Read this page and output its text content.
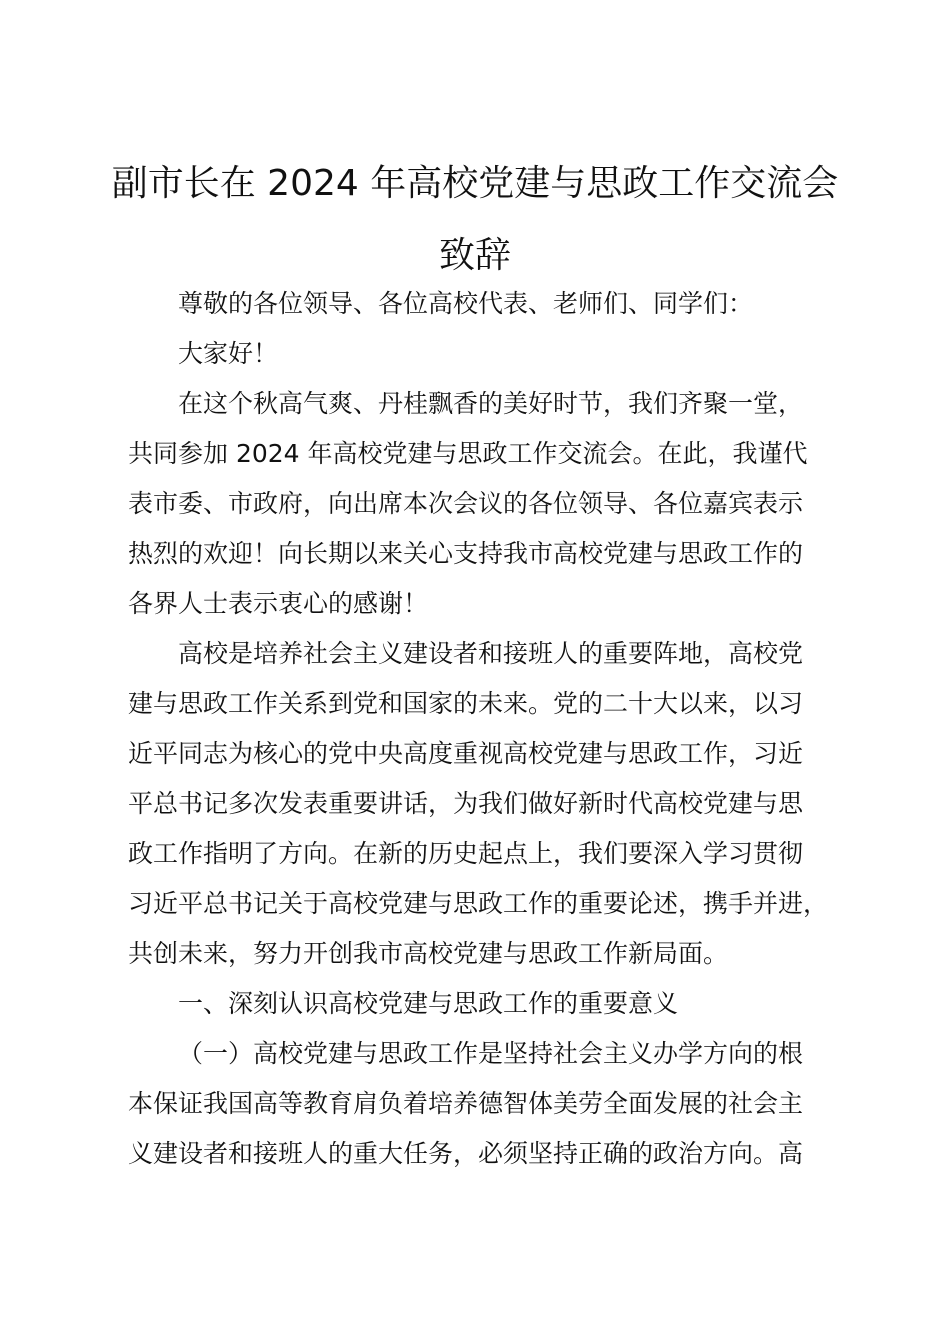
副市长在 2024 年高校党建与思政工作交流会
致辞

尊敬的各位领导、各位高校代表、老师们、同学们：

大家好！

在这个秋高气爽、丹桂飘香的美好时节，我们齐聚一堂，

共同参加 2024 年高校党建与思政工作交流会。在此，我谨代

表市委、市政府，向出席本次会议的各位领导、各位嘉宾表示

热烈的欢迎！向长期以来关心支持我市高校党建与思政工作的

各界人士表示衷心的感谢！

高校是培养社会主义建设者和接班人的重要阵地，高校党

建与思政工作关系到党和国家的未来。党的二十大以来，以习

近平同志为核心的党中央高度重视高校党建与思政工作，习近

平总书记多次发表重要讲话，为我们做好新时代高校党建与思

政工作指明了方向。在新的历史起点上，我们要深入学习贯彻

习近平总书记关于高校党建与思政工作的重要论述，携手并进，

共创未来，努力开创我市高校党建与思政工作新局面。

一、深刻认识高校党建与思政工作的重要意义

（一）高校党建与思政工作是坚持社会主义办学方向的根

本保证我国高等教育肩负着培养德智体美劳全面发展的社会主

义建设者和接班人的重大任务，必须坚持正确的政治方向。高
